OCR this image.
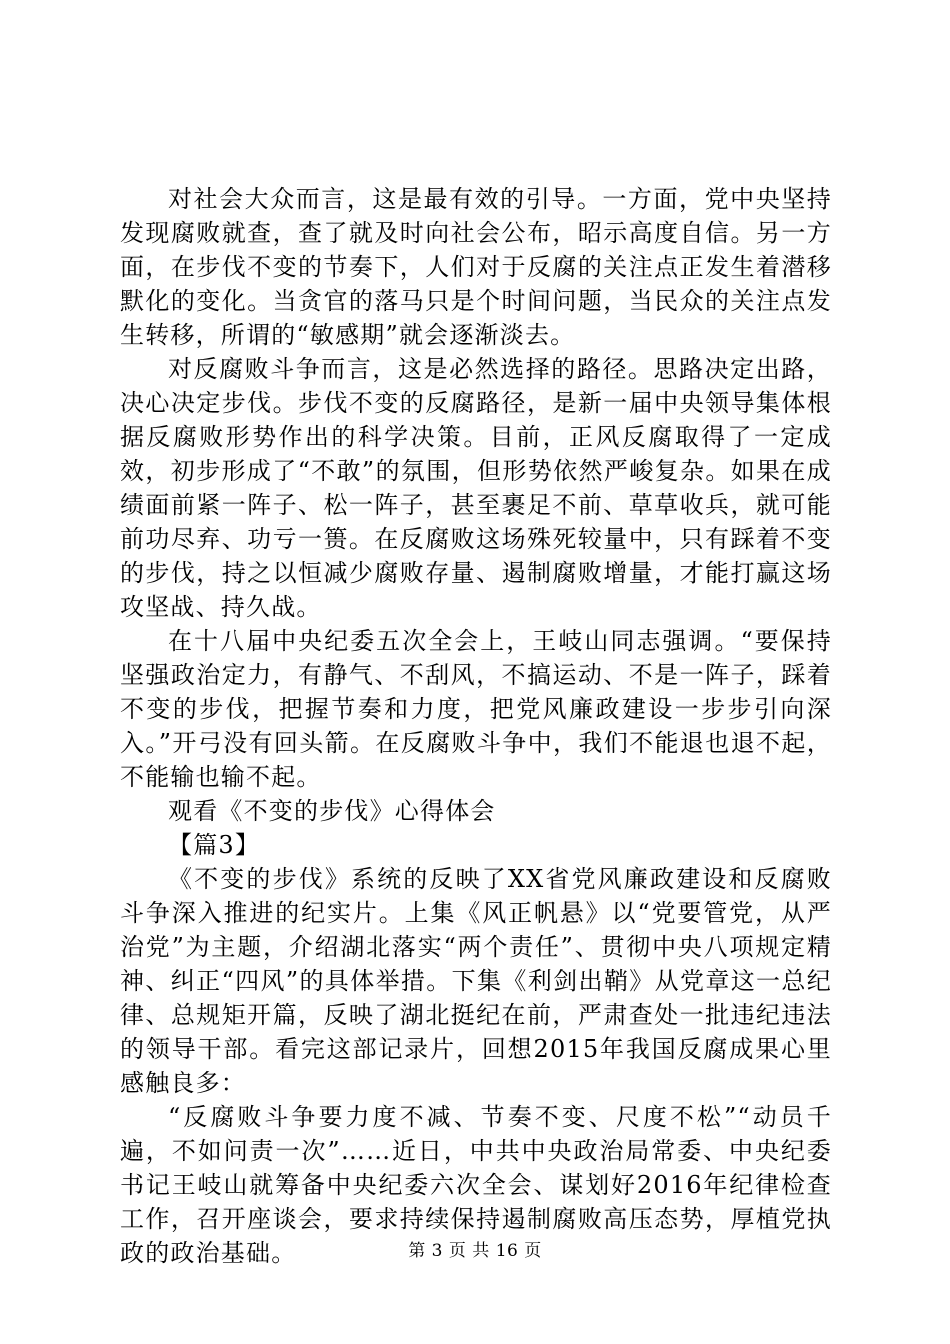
对社会大众而言，这是最有效的引导。一方面，党中央坚持发现腐败就查，查了就及时向社会公布，昭示高度自信。另一方面，在步伐不变的节奏下，人们对于反腐的关注点正发生着潜移默化的变化。当贪官的落马只是个时间问题，当民众的关注点发生转移，所谓的“敏感期”就会逐渐淡去。

对反腐败斗争而言，这是必然选择的路径。思路决定出路，决心决定步伐。步伐不变的反腐路径，是新一届中央领导集体根据反腐败形势作出的科学决策。目前，正风反腐取得了一定成效，初步形成了“不敢”的氛围，但形势依然严峻复杂。如果在成绩面前紧一阵子、松一阵子，甚至裹足不前、草草收兵，就可能前功尽弃、功亏一篑。在反腐败这场殊死较量中，只有踩着不变的步伐，持之以恒减少腐败存量、遏制腐败增量，才能打赢这场攻坚战、持久战。

在十八届中央纪委五次全会上，王岐山同志强调。“要保持坚强政治定力，有静气、不刮风，不搞运动、不是一阵子，踩着不变的步伐，把握节奏和力度，把党风廉政建设一步步引向深入。”开弓没有回头箭。在反腐败斗争中，我们不能退也退不起，不能输也输不起。

观看《不变的步伐》心得体会

【篇3】

《不变的步伐》系统的反映了XX省党风廉政建设和反腐败斗争深入推进的纪实片。上集《风正帆悬》以“党要管党，从严治党”为主题，介绍湖北落实“两个责任”、贯彻中央八项规定精神、纠正“四风”的具体举措。下集《利剑出鞘》从党章这一总纪律、总规矩开篇，反映了湖北挺纪在前，严肃查处一批违纪违法的领导干部。看完这部记录片，回想2015年我国反腐成果心里感触良多：

“反腐败斗争要力度不减、节奏不变、尺度不松”“动员千遍，不如问责一次”……近日，中共中央政治局常委、中央纪委书记王岐山就筹备中央纪委六次全会、谋划好2016年纪律检查工作，召开座谈会，要求持续保持遏制腐败高压态势，厚植党执政的政治基础。	第 3 页 共 16 页
